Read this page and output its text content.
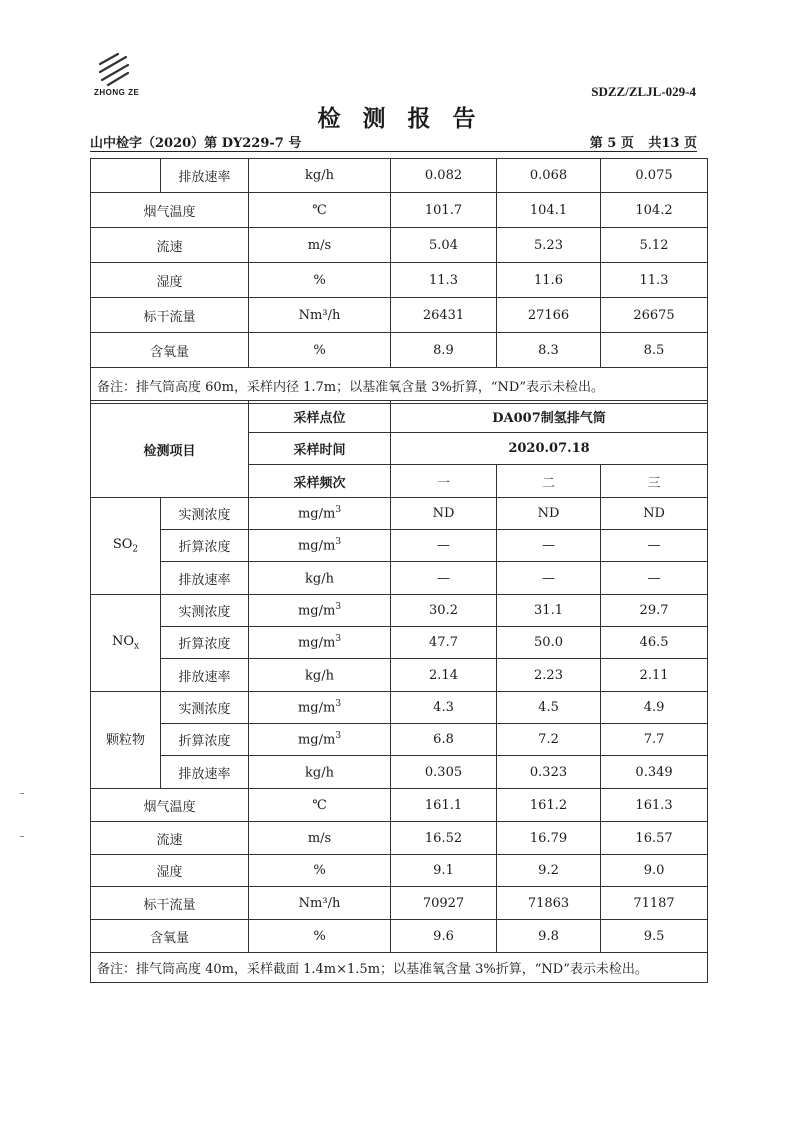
ZHONG ZE	SDZZ/ZLJL-029-4
检测报告
山中检字（2020）第 DY229-7 号	第 5 页 共13 页
	排放速率	kg/h	0.082	0.068	0.075
烟气温度		℃	101.7	104.1	104.2
流速		m/s	5.04	5.23	5.12
湿度		%	11.3	11.6	11.3
标干流量		Nm³/h	26431	27166	26675
含氧量		%	8.9	8.3	8.5
备注：排气筒高度 60m，采样内径 1.7m；以基准氧含量 3%折算，“ND”表示未检出。					
检测项目		采样点位	DA007制氢排气筒		
		采样时间	2020.07.18		
		采样频次	一	二	三
$SO_2$	实测浓度	$mg/m^3$	ND	ND	ND
	折算浓度	$mg/m^3$	—	—	—
	排放速率	kg/h	—	—	—
$NO_x$	实测浓度	$mg/m^3$	30.2	31.1	29.7
	折算浓度	$mg/m^3$	47.7	50.0	46.5
	排放速率	kg/h	2.14	2.23	2.11
颗粒物	实测浓度	$mg/m^3$	4.3	4.5	4.9
	折算浓度	$mg/m^3$	6.8	7.2	7.7
	排放速率	kg/h	0.305	0.323	0.349
烟气温度		℃	161.1	161.2	161.3
流速		m/s	16.52	16.79	16.57
湿度		%	9.1	9.2	9.0
标干流量		Nm³/h	70927	71863	71187
含氧量		%	9.6	9.8	9.5
备注：排气筒高度 40m，采样截面 1.4m×1.5m；以基准氧含量 3%折算，“ND”表示未检出。					
